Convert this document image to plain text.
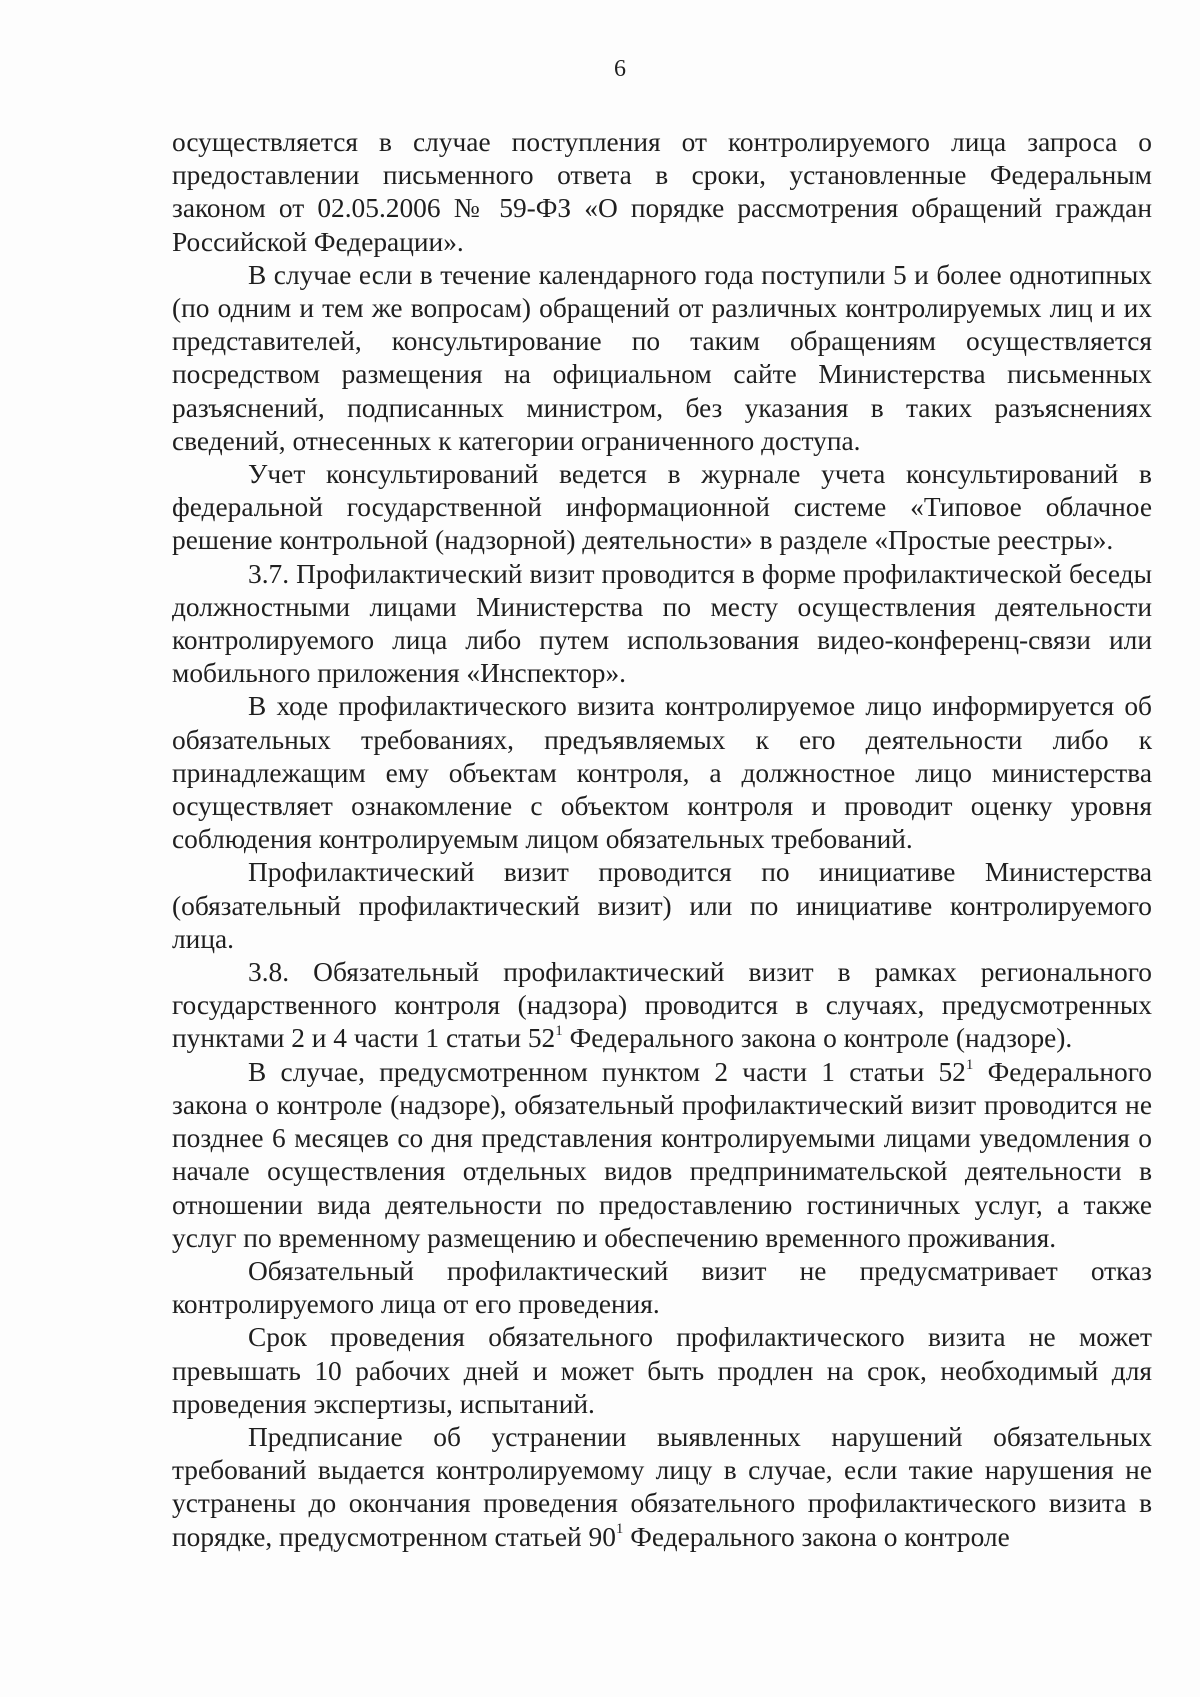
6

осуществляется в случае поступления от контролируемого лица запроса о предоставлении письменного ответа в сроки, установленные Федеральным законом от 02.05.2006 № 59-ФЗ «О порядке рассмотрения обращений граждан Российской Федерации».

В случае если в течение календарного года поступили 5 и более однотипных (по одним и тем же вопросам) обращений от различных контролируемых лиц и их представителей, консультирование по таким обращениям осуществляется посредством размещения на официальном сайте Министерства письменных разъяснений, подписанных министром, без указания в таких разъяснениях сведений, отнесенных к категории ограниченного доступа.

Учет консультирований ведется в журнале учета консультирований в федеральной государственной информационной системе «Типовое облачное решение контрольной (надзорной) деятельности» в разделе «Простые реестры».

3.7. Профилактический визит проводится в форме профилактической беседы должностными лицами Министерства по месту осуществления деятельности контролируемого лица либо путем использования видео-конференц-связи или мобильного приложения «Инспектор».

В ходе профилактического визита контролируемое лицо информируется об обязательных требованиях, предъявляемых к его деятельности либо к принадлежащим ему объектам контроля, а должностное лицо министерства осуществляет ознакомление с объектом контроля и проводит оценку уровня соблюдения контролируемым лицом обязательных требований.

Профилактический визит проводится по инициативе Министерства (обязательный профилактический визит) или по инициативе контролируемого лица.

3.8. Обязательный профилактический визит в рамках регионального государственного контроля (надзора) проводится в случаях, предусмотренных пунктами 2 и 4 части 1 статьи $52^1$ Федерального закона о контроле (надзоре).

В случае, предусмотренном пунктом 2 части 1 статьи $52^1$ Федерального закона о контроле (надзоре), обязательный профилактический визит проводится не позднее 6 месяцев со дня представления контролируемыми лицами уведомления о начале осуществления отдельных видов предпринимательской деятельности в отношении вида деятельности по предоставлению гостиничных услуг, а также услуг по временному размещению и обеспечению временного проживания.

Обязательный профилактический визит не предусматривает отказ контролируемого лица от его проведения.

Срок проведения обязательного профилактического визита не может превышать 10 рабочих дней и может быть продлен на срок, необходимый для проведения экспертизы, испытаний.

Предписание об устранении выявленных нарушений обязательных требований выдается контролируемому лицу в случае, если такие нарушения не устранены до окончания проведения обязательного профилактического визита в порядке, предусмотренном статьей $90^1$ Федерального закона о контроле
